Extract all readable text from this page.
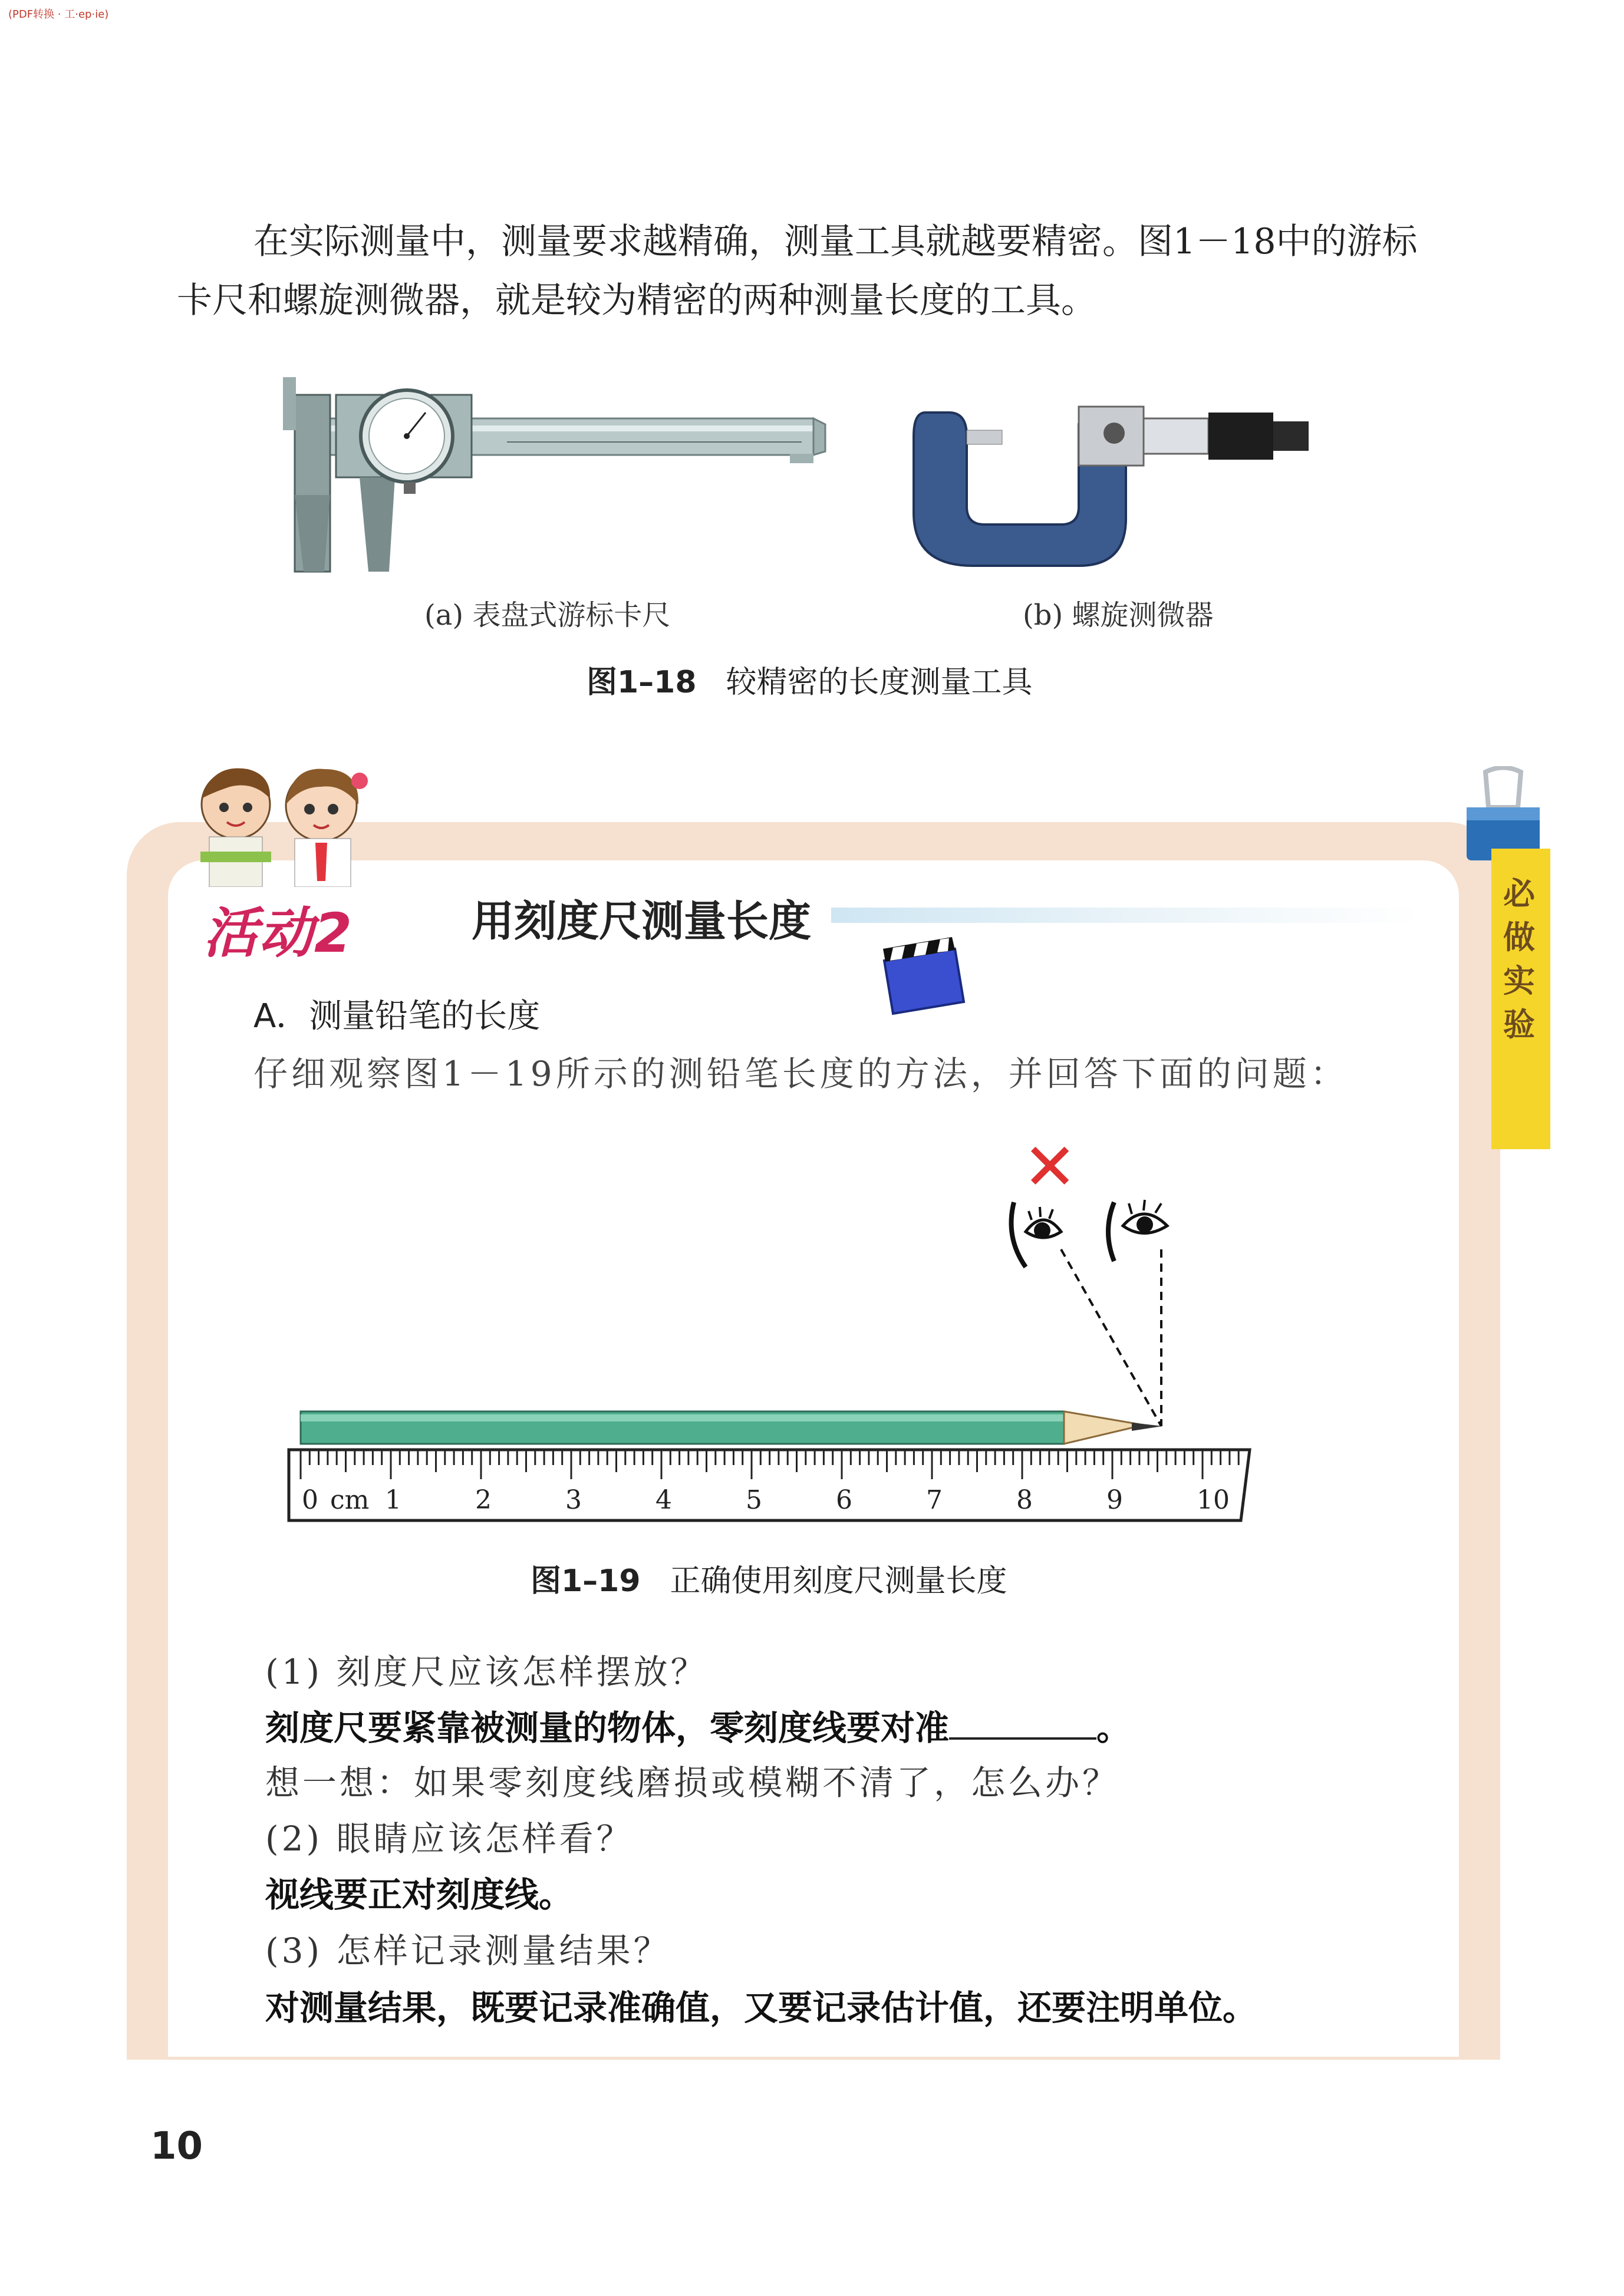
(PDF转换 · 工·ep·ie)

在实际测量中，测量要求越精确，测量工具就越要精密。图1－18中的游标

卡尺和螺旋测微器，就是较为精密的两种测量长度的工具。

(a) 表盘式游标卡尺	(b) 螺旋测微器
图1–18 较精密的长度测量工具
必做实验
活动2	用刻度尺测量长度
A．测量铅笔的长度
仔细观察图1－19所示的测铅笔长度的方法，并回答下面的问题：
✕
0	1	2	3	4	5	6	7	8	9	10
cm
图1–19 正确使用刻度尺测量长度
(1) 刻度尺应该怎样摆放？
刻度尺要紧靠被测量的物体，零刻度线要对准	。
想一想：如果零刻度线磨损或模糊不清了，怎么办？
(2) 眼睛应该怎样看？
视线要正对刻度线。
(3) 怎样记录测量结果？
对测量结果，既要记录准确值，又要记录估计值，还要注明单位。
10
